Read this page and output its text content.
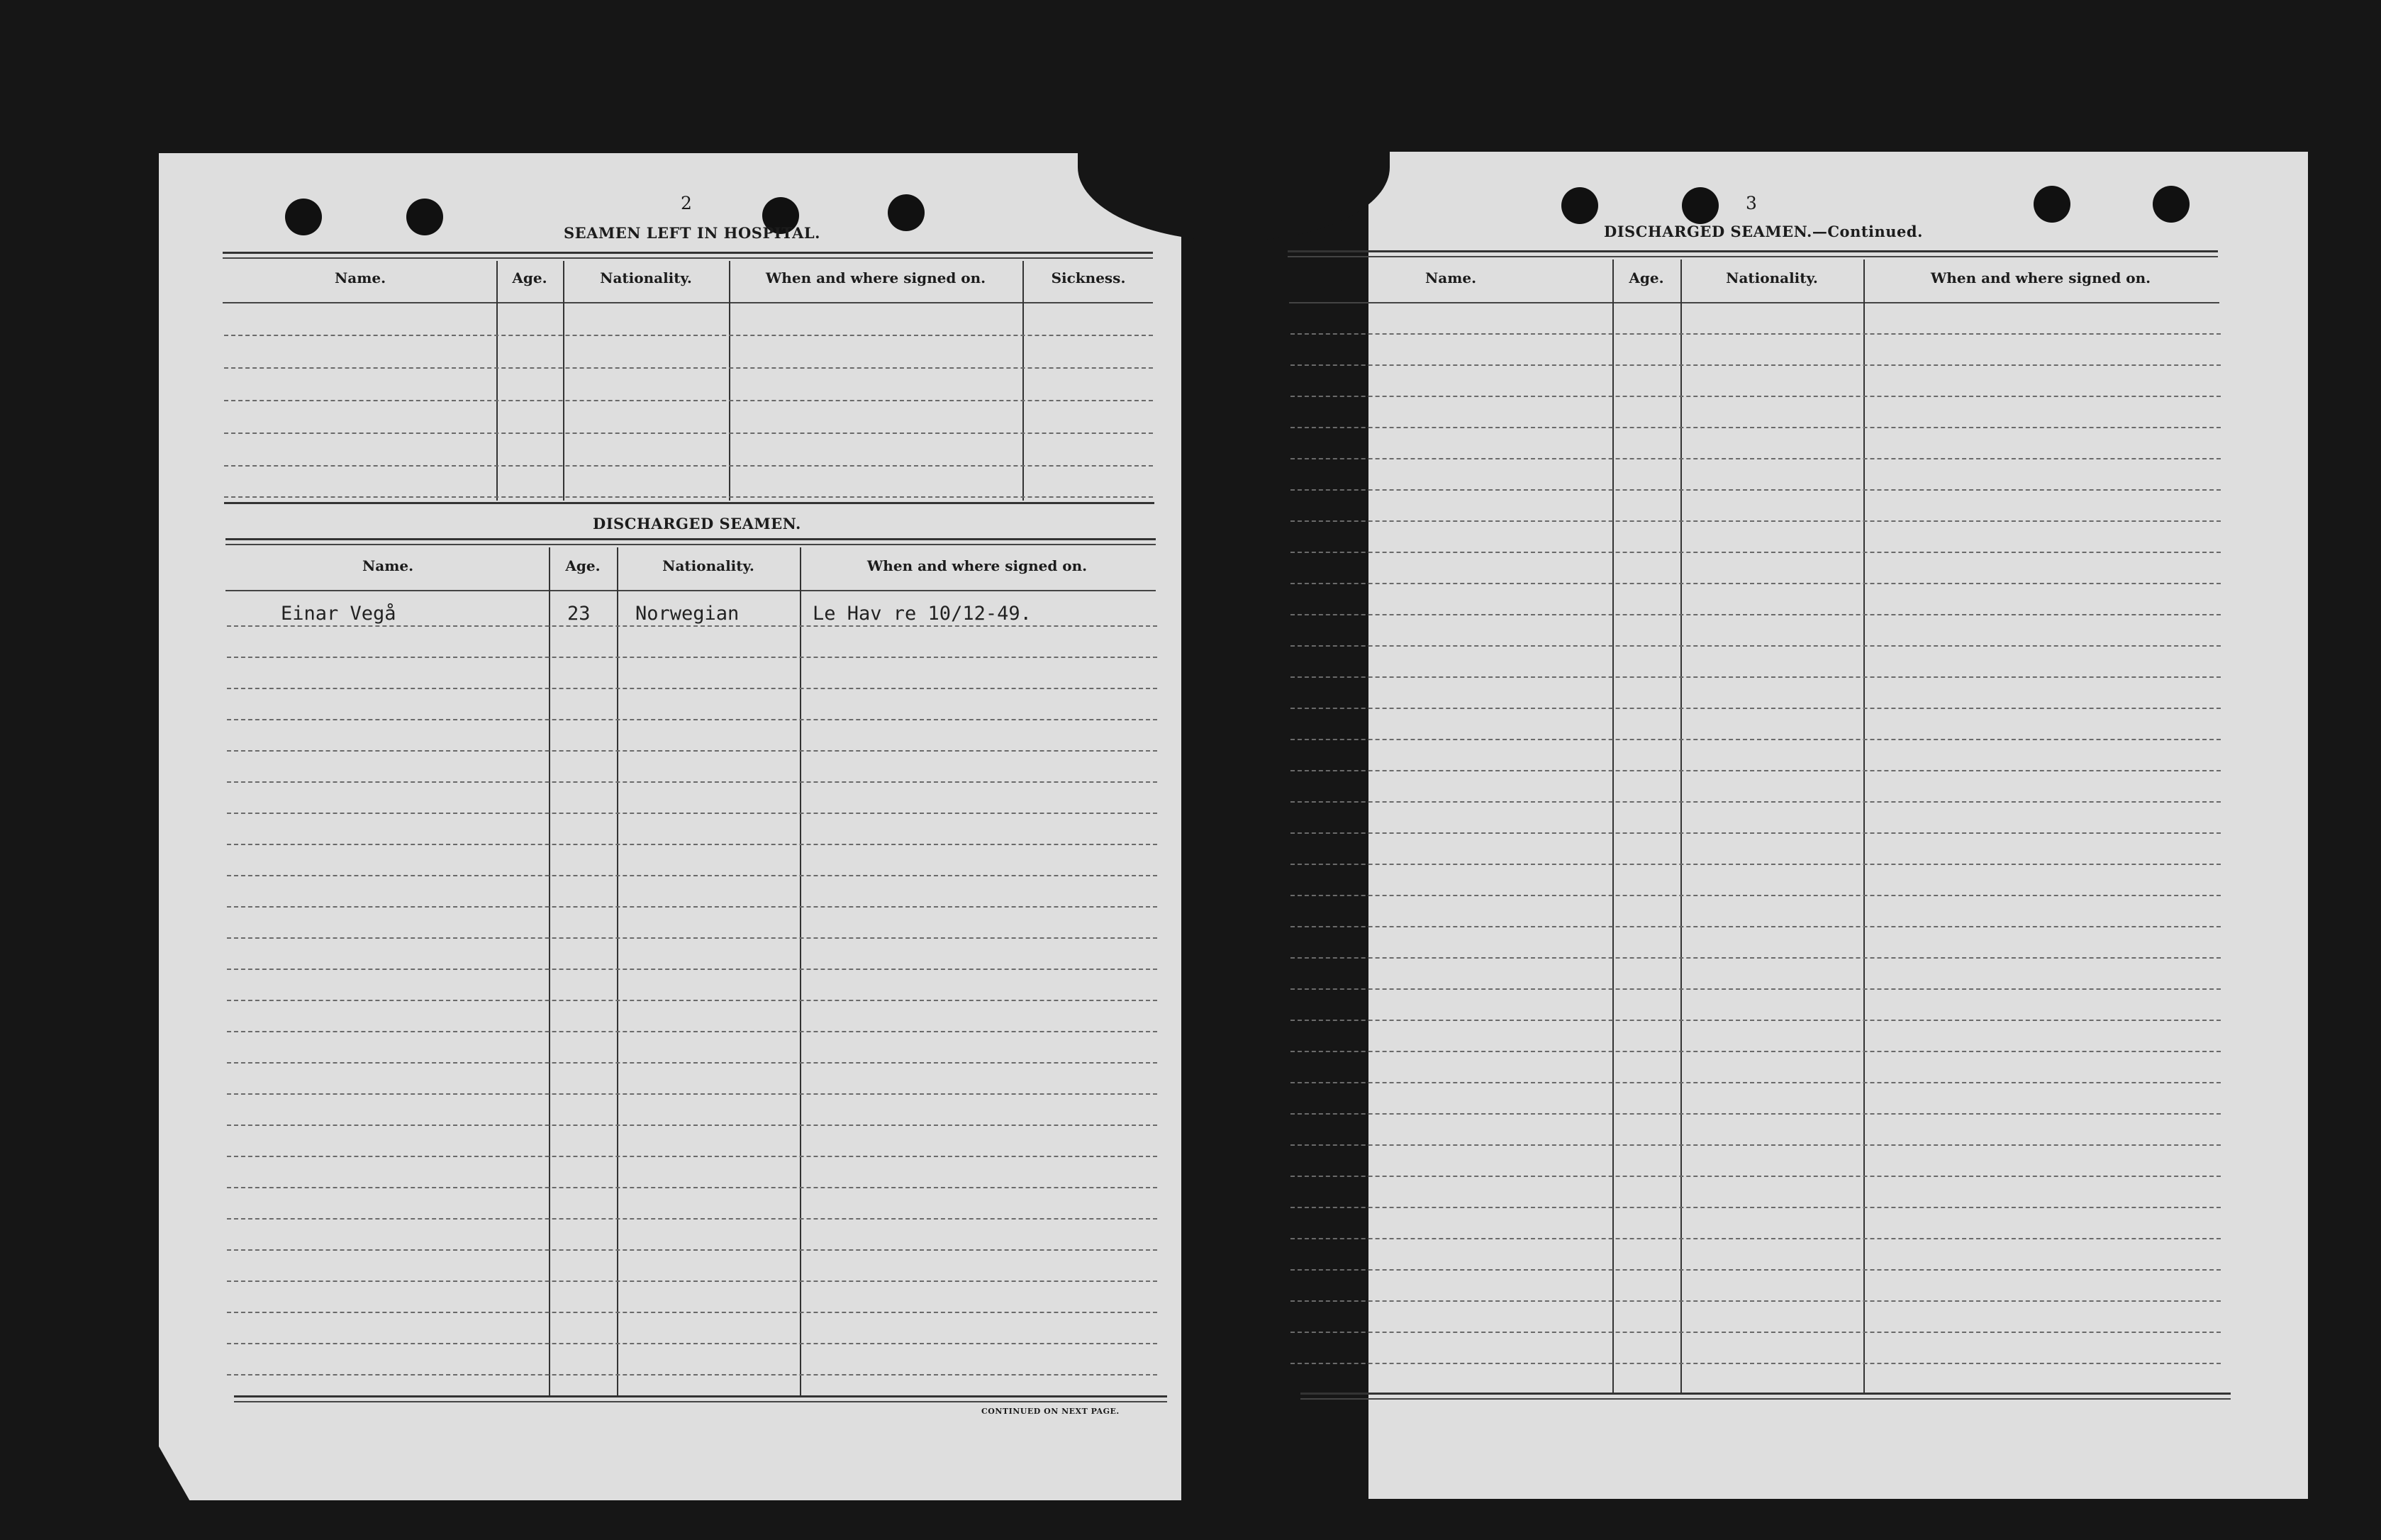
2
SEAMEN LEFT IN HOSPITAL.
Name.	Age.	Nationality.	When and where signed on.	Sickness.
DISCHARGED SEAMEN.
Name.	Age.	Nationality.	When and where signed on.
Einar Vegå	23 Norwegian	Le Hav re 10/12-49.
CONTINUED ON NEXT PAGE.
3
DISCHARGED SEAMEN.—Continued.
Name.	Age.	Nationality.	When and where signed on.
